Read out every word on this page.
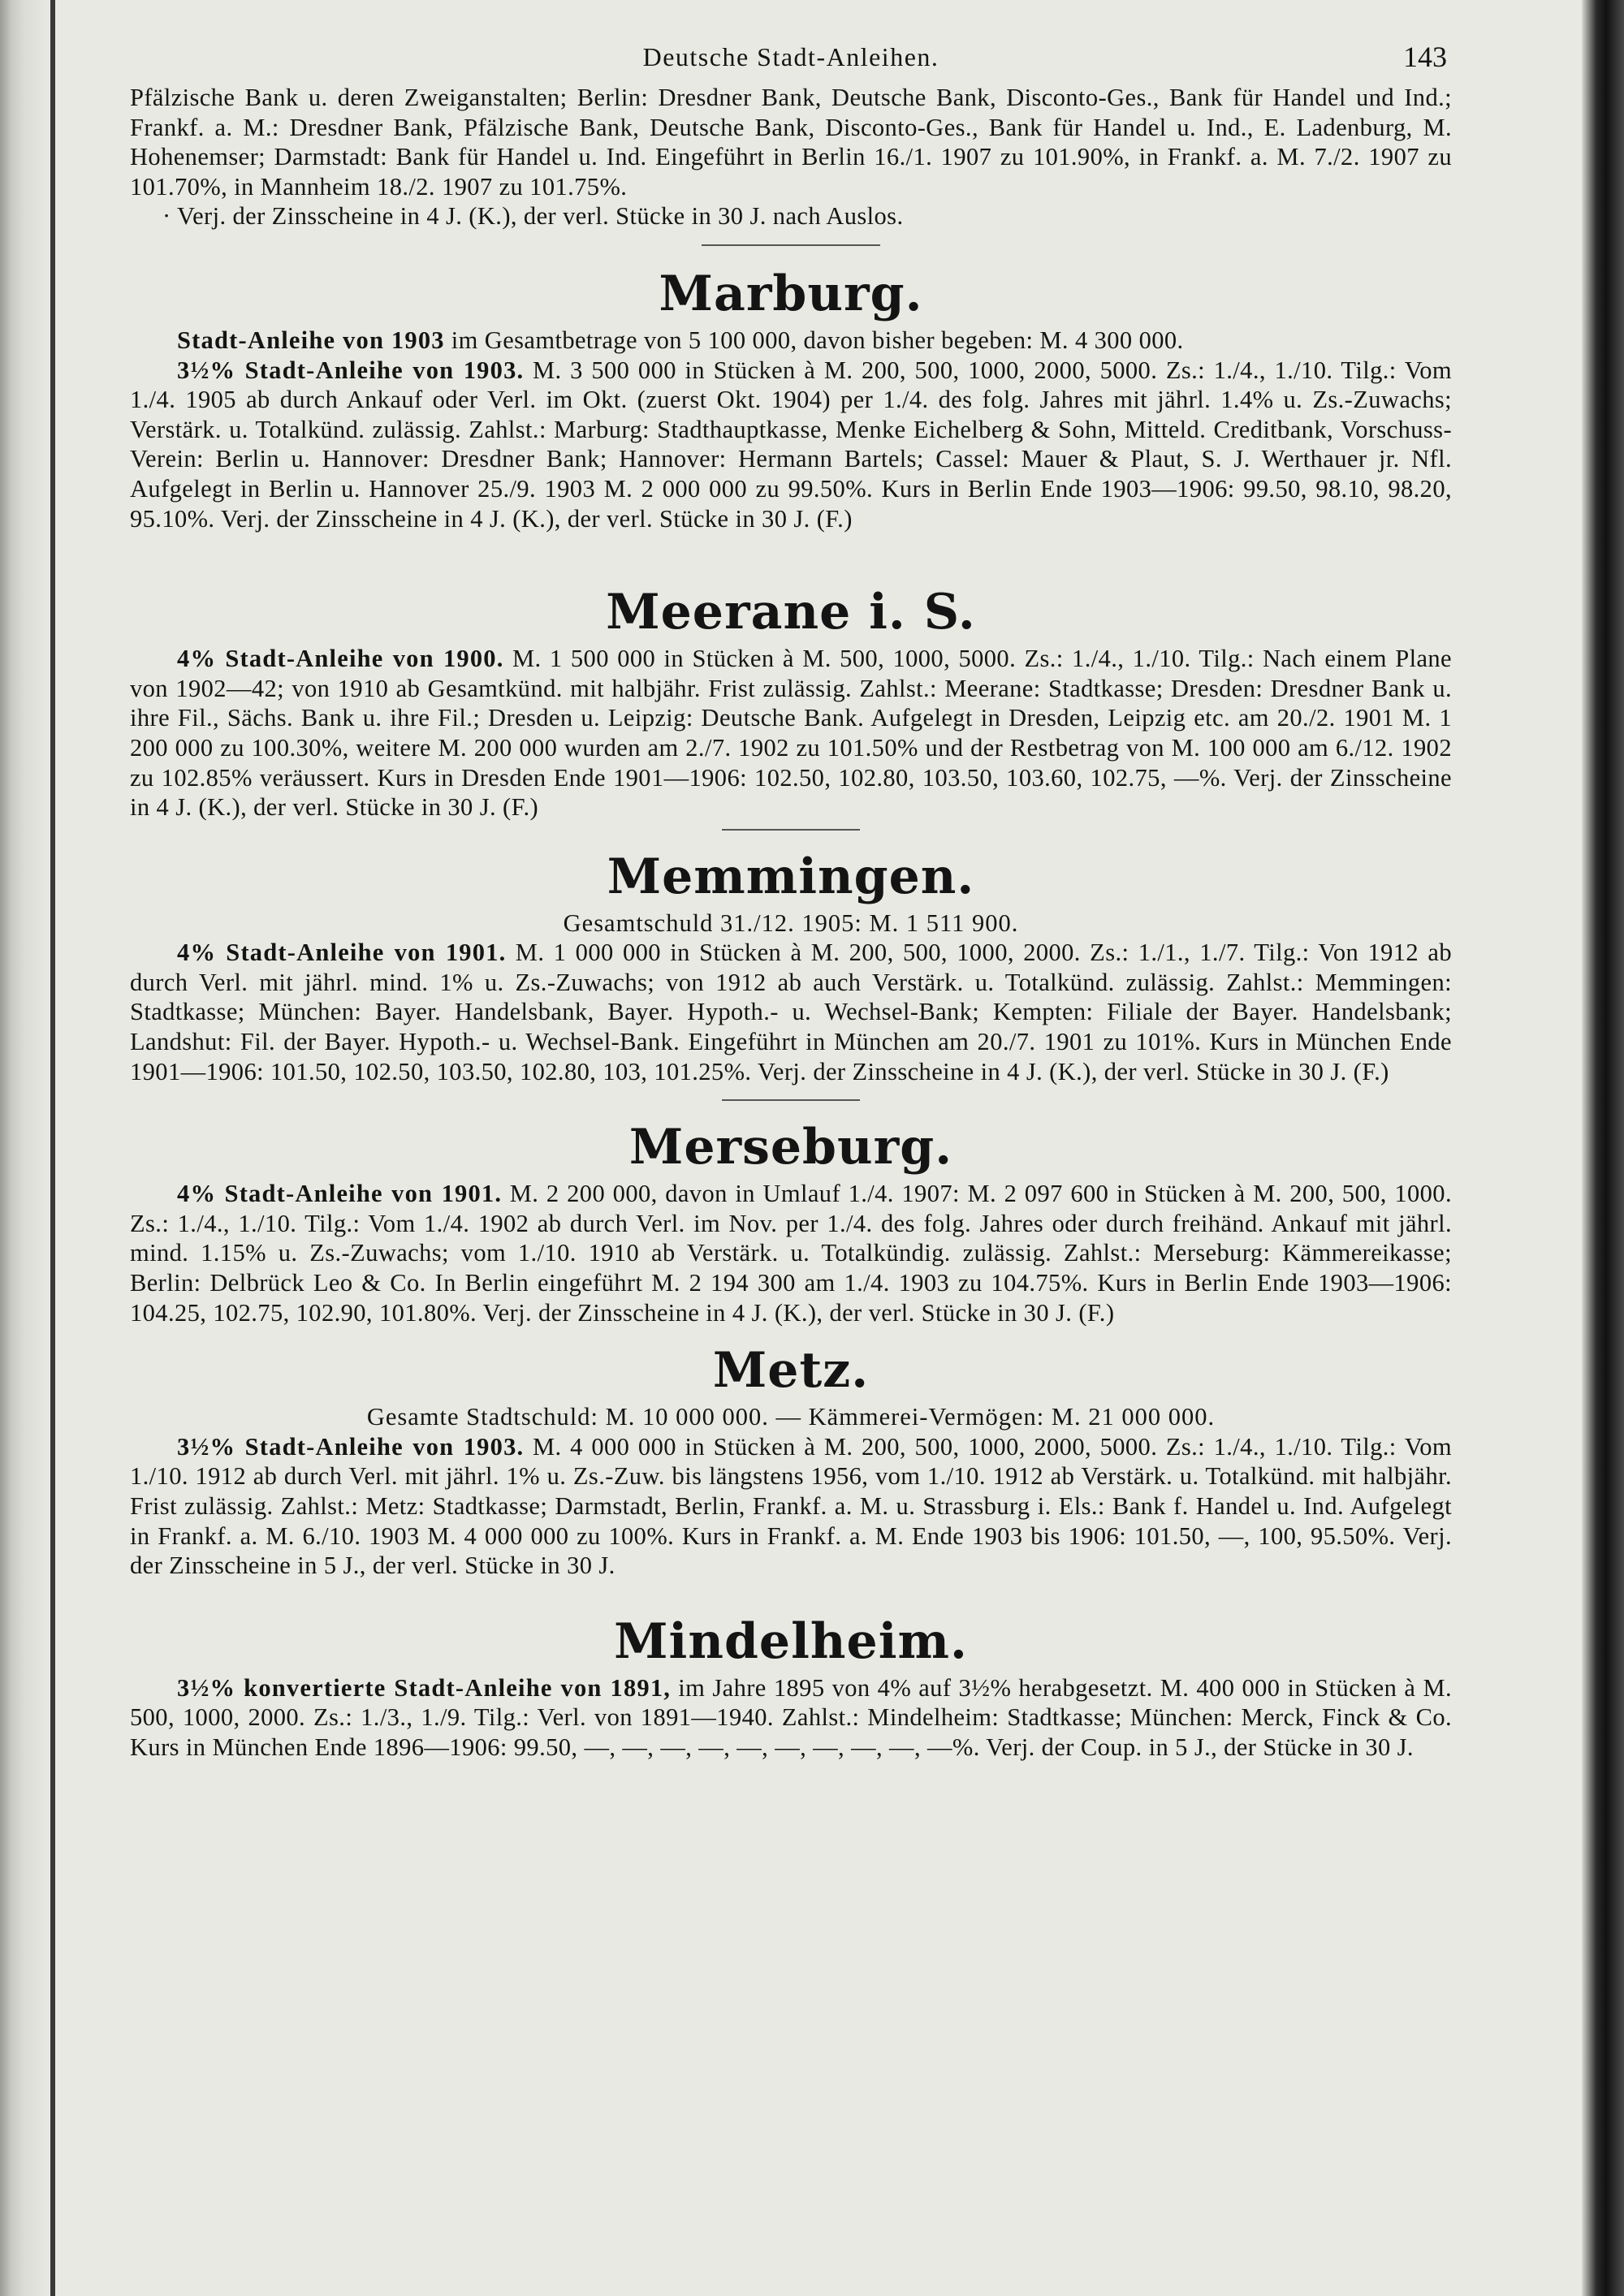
Deutsche Stadt-Anleihen.	143

Pfälzische Bank u. deren Zweiganstalten; Berlin: Dresdner Bank, Deutsche Bank, Disconto-Ges., Bank für Handel und Ind.; Frankf. a. M.: Dresdner Bank, Pfälzische Bank, Deutsche Bank, Disconto-Ges., Bank für Handel u. Ind., E. Ladenburg, M. Hohenemser; Darmstadt: Bank für Handel u. Ind. Eingeführt in Berlin 16./1. 1907 zu 101.90%, in Frankf. a. M. 7./2. 1907 zu 101.70%, in Mannheim 18./2. 1907 zu 101.75%.

· Verj. der Zinsscheine in 4 J. (K.), der verl. Stücke in 30 J. nach Auslos.

Marburg.

Stadt-Anleihe von 1903 im Gesamtbetrage von 5 100 000, davon bisher begeben: M. 4 300 000.

3½% Stadt-Anleihe von 1903. M. 3 500 000 in Stücken à M. 200, 500, 1000, 2000, 5000. Zs.: 1./4., 1./10. Tilg.: Vom 1./4. 1905 ab durch Ankauf oder Verl. im Okt. (zuerst Okt. 1904) per 1./4. des folg. Jahres mit jährl. 1.4% u. Zs.-Zuwachs; Verstärk. u. Totalkünd. zulässig. Zahlst.: Marburg: Stadthauptkasse, Menke Eichelberg & Sohn, Mitteld. Creditbank, Vorschuss-Verein: Berlin u. Hannover: Dresdner Bank; Hannover: Hermann Bartels; Cassel: Mauer & Plaut, S. J. Werthauer jr. Nfl. Aufgelegt in Berlin u. Hannover 25./9. 1903 M. 2 000 000 zu 99.50%. Kurs in Berlin Ende 1903—1906: 99.50, 98.10, 98.20, 95.10%. Verj. der Zinsscheine in 4 J. (K.), der verl. Stücke in 30 J. (F.)

Meerane i. S.

4% Stadt-Anleihe von 1900. M. 1 500 000 in Stücken à M. 500, 1000, 5000. Zs.: 1./4., 1./10. Tilg.: Nach einem Plane von 1902—42; von 1910 ab Gesamtkünd. mit halbjähr. Frist zulässig. Zahlst.: Meerane: Stadtkasse; Dresden: Dresdner Bank u. ihre Fil., Sächs. Bank u. ihre Fil.; Dresden u. Leipzig: Deutsche Bank. Aufgelegt in Dresden, Leipzig etc. am 20./2. 1901 M. 1 200 000 zu 100.30%, weitere M. 200 000 wurden am 2./7. 1902 zu 101.50% und der Restbetrag von M. 100 000 am 6./12. 1902 zu 102.85% veräussert. Kurs in Dresden Ende 1901—1906: 102.50, 102.80, 103.50, 103.60, 102.75, —%. Verj. der Zinsscheine in 4 J. (K.), der verl. Stücke in 30 J. (F.)

Memmingen.

Gesamtschuld 31./12. 1905: M. 1 511 900.

4% Stadt-Anleihe von 1901. M. 1 000 000 in Stücken à M. 200, 500, 1000, 2000. Zs.: 1./1., 1./7. Tilg.: Von 1912 ab durch Verl. mit jährl. mind. 1% u. Zs.-Zuwachs; von 1912 ab auch Verstärk. u. Totalkünd. zulässig. Zahlst.: Memmingen: Stadtkasse; München: Bayer. Handelsbank, Bayer. Hypoth.- u. Wechsel-Bank; Kempten: Filiale der Bayer. Handelsbank; Landshut: Fil. der Bayer. Hypoth.- u. Wechsel-Bank. Eingeführt in München am 20./7. 1901 zu 101%. Kurs in München Ende 1901—1906: 101.50, 102.50, 103.50, 102.80, 103, 101.25%. Verj. der Zinsscheine in 4 J. (K.), der verl. Stücke in 30 J. (F.)

Merseburg.

4% Stadt-Anleihe von 1901. M. 2 200 000, davon in Umlauf 1./4. 1907: M. 2 097 600 in Stücken à M. 200, 500, 1000. Zs.: 1./4., 1./10. Tilg.: Vom 1./4. 1902 ab durch Verl. im Nov. per 1./4. des folg. Jahres oder durch freihänd. Ankauf mit jährl. mind. 1.15% u. Zs.-Zuwachs; vom 1./10. 1910 ab Verstärk. u. Totalkündig. zulässig. Zahlst.: Merseburg: Kämmereikasse; Berlin: Delbrück Leo & Co. In Berlin eingeführt M. 2 194 300 am 1./4. 1903 zu 104.75%. Kurs in Berlin Ende 1903—1906: 104.25, 102.75, 102.90, 101.80%. Verj. der Zinsscheine in 4 J. (K.), der verl. Stücke in 30 J. (F.)

Metz.

Gesamte Stadtschuld: M. 10 000 000. — Kämmerei-Vermögen: M. 21 000 000.

3½% Stadt-Anleihe von 1903. M. 4 000 000 in Stücken à M. 200, 500, 1000, 2000, 5000. Zs.: 1./4., 1./10. Tilg.: Vom 1./10. 1912 ab durch Verl. mit jährl. 1% u. Zs.-Zuw. bis längstens 1956, vom 1./10. 1912 ab Verstärk. u. Totalkünd. mit halbjähr. Frist zulässig. Zahlst.: Metz: Stadtkasse; Darmstadt, Berlin, Frankf. a. M. u. Strassburg i. Els.: Bank f. Handel u. Ind. Aufgelegt in Frankf. a. M. 6./10. 1903 M. 4 000 000 zu 100%. Kurs in Frankf. a. M. Ende 1903 bis 1906: 101.50, —, 100, 95.50%. Verj. der Zinsscheine in 5 J., der verl. Stücke in 30 J.

Mindelheim.

3½% konvertierte Stadt-Anleihe von 1891, im Jahre 1895 von 4% auf 3½% herabgesetzt. M. 400 000 in Stücken à M. 500, 1000, 2000. Zs.: 1./3., 1./9. Tilg.: Verl. von 1891—1940. Zahlst.: Mindelheim: Stadtkasse; München: Merck, Finck & Co. Kurs in München Ende 1896—1906: 99.50, —, —, —, —, —, —, —, —, —, —%. Verj. der Coup. in 5 J., der Stücke in 30 J.
